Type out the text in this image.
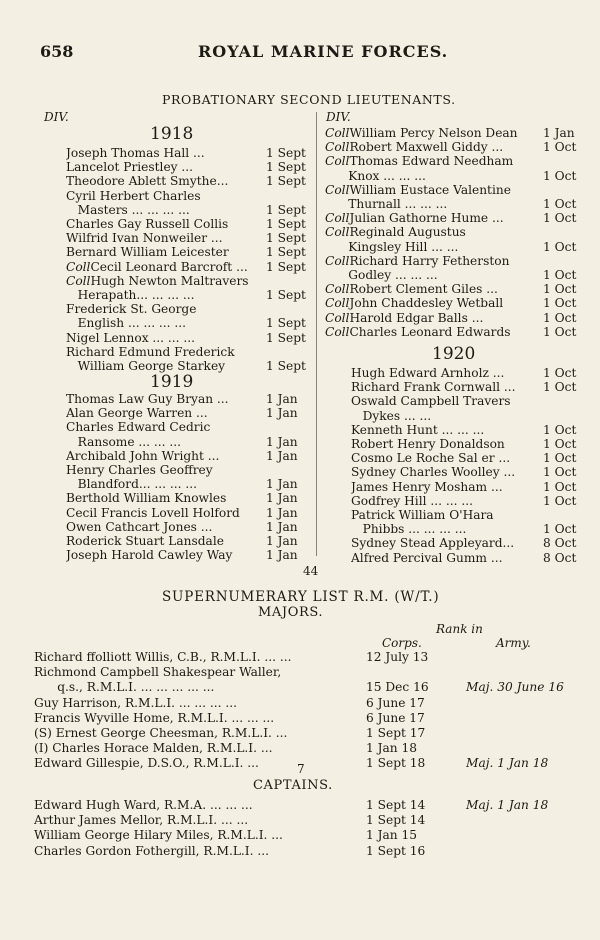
658	ROYAL MARINE FORCES.
PROBATIONARY SECOND LIEUTENANTS.
DIV.	DIV.
1918
Joseph Thomas Hall ...	1 Sept
Lancelot Priestley ...	1 Sept
Theodore Ablett Smythe...	1 Sept
Cyril Herbert Charles
Masters ... ... ... ...	1 Sept
Charles Gay Russell Collis	1 Sept
Wilfrid Ivan Nonweiler ...	1 Sept
Bernard William Leicester	1 Sept
CollCecil Leonard Barcroft ...	1 Sept
CollHugh Newton Maltravers
Herapath... ... ... ...	1 Sept
Frederick St. George
English ... ... ... ...	1 Sept
Nigel Lennox ... ... ...	1 Sept
Richard Edmund Frederick
William George Starkey	1 Sept
Thomas Law Guy Bryan ...	1 Jan
Alan George Warren ...	1 Jan
Charles Edward Cedric
Ransome ... ... ...	1 Jan
Archibald John Wright ...	1 Jan
Henry Charles Geoffrey
Blandford... ... ... ...	1 Jan
Berthold William Knowles	1 Jan
Cecil Francis Lovell Holford	1 Jan
Owen Cathcart Jones ...	1 Jan
Roderick Stuart Lansdale	1 Jan
Joseph Harold Cawley Way	1 Jan
1919
CollWilliam Percy Nelson Dean	1 Jan
CollRobert Maxwell Giddy ...	1 Oct
CollThomas Edward Needham
Knox ... ... ...	1 Oct
CollWilliam Eustace Valentine
Thurnall ... ... ...	1 Oct
CollJulian Gathorne Hume ...	1 Oct
CollReginald Augustus
Kingsley Hill ... ...	1 Oct
CollRichard Harry Fetherston
Godley ... ... ...	1 Oct
CollRobert Clement Giles ...	1 Oct
CollJohn Chaddesley Wetball	1 Oct
CollHarold Edgar Balls ...	1 Oct
CollCharles Leonard Edwards	1 Oct
1920
Hugh Edward Arnholz ...	1 Oct
Richard Frank Cornwall ...	1 Oct
Oswald Campbell Travers
Dykes ... ...
Kenneth Hunt ... ... ...	1 Oct
Robert Henry Donaldson	1 Oct
Cosmo Le Roche Sal er ...	1 Oct
Sydney Charles Woolley ...	1 Oct
James Henry Mosham ...	1 Oct
Godfrey Hill ... ... ...	1 Oct
Patrick William O'Hara
Phibbs ... ... ... ...	1 Oct
Sydney Stead Appleyard...	8 Oct
Alfred Percival Gumm ...	8 Oct
44
SUPERNUMERARY LIST R.M. (W/T.)
MAJORS.
Rank in
Corps.	Army.
Richard ffolliott Willis, C.B., R.M.L.I. ... ...	12 July 13
Richmond Campbell Shakespear Waller,
q.s., R.M.L.I. ... ... ... ... ...	15 Dec 16	Maj. 30 June 16
Guy Harrison, R.M.L.I. ... ... ... ...	6 June 17
Francis Wyville Home, R.M.L.I. ... ... ...	6 June 17
(S) Ernest George Cheesman, R.M.L.I. ...	1 Sept 17
(I) Charles Horace Malden, R.M.L.I. ...	1 Jan 18
Edward Gillespie, D.S.O., R.M.L.I. ...	1 Sept 18	Maj. 1 Jan 18
7
CAPTAINS.
Edward Hugh Ward, R.M.A. ... ... ...	1 Sept 14	Maj. 1 Jan 18
Arthur James Mellor, R.M.L.I. ... ...	1 Sept 14
William George Hilary Miles, R.M.L.I. ...	1 Jan 15
Charles Gordon Fothergill, R.M.L.I. ...	1 Sept 16
